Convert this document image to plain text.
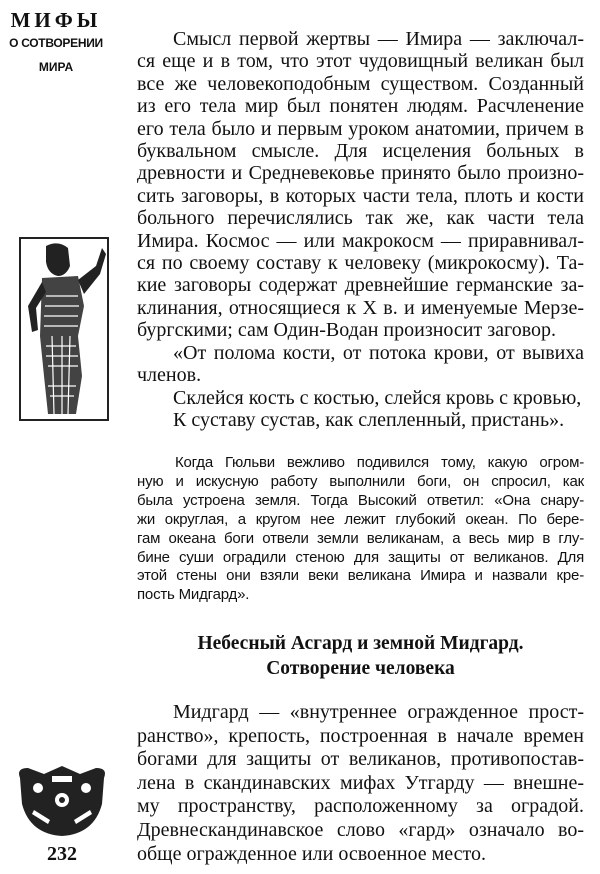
МИФЫ
О СОТВОРЕНИИ
МИРА
Смысл первой жертвы — Имира — заключал-
ся еще и в том, что этот чудовищный великан был
все же человекоподобным существом. Созданный
из его тела мир был понятен людям. Расчленение
его тела было и первым уроком анатомии, причем в
буквальном смысле. Для исцеления больных в
древности и Средневековье принято было произно-
сить заговоры, в которых части тела, плоть и кости
больного перечислялись так же, как части тела
Имира. Космос — или макрокосм — приравнивал-
ся по своему составу к человеку (микрокосму). Та-
кие заговоры содержат древнейшие германские за-
клинания, относящиеся к X в. и именуемые Мерзе-
бургскими; сам Один-Водан произносит заговор.
«От полома кости, от потока крови, от вывиха
членов.
Склейся кость с костью, слейся кровь с кровью,
К суставу сустав, как слепленный, пристань».
Когда Гюльви вежливо подивился тому, какую огром-
ную и искусную работу выполнили боги, он спросил, как
была устроена земля. Тогда Высокий ответил: «Она снару-
жи округлая, а кругом нее лежит глубокий океан. По бере-
гам океана боги отвели земли великанам, а весь мир в глу-
бине суши оградили стеною для защиты от великанов. Для
этой стены они взяли веки великана Имира и назвали кре-
пость Мидгард».
Небесный Асгард и земной Мидгард.
Сотворение человека
Мидгард — «внутреннее огражденное прост-
ранство», крепость, построенная в начале времен
богами для защиты от великанов, противопостав-
лена в скандинавских мифах Утгарду — внешне-
му пространству, расположенному за оградой.
Древнескандинавское слово «гард» означало во-
обще огражденное или освоенное место.
232
